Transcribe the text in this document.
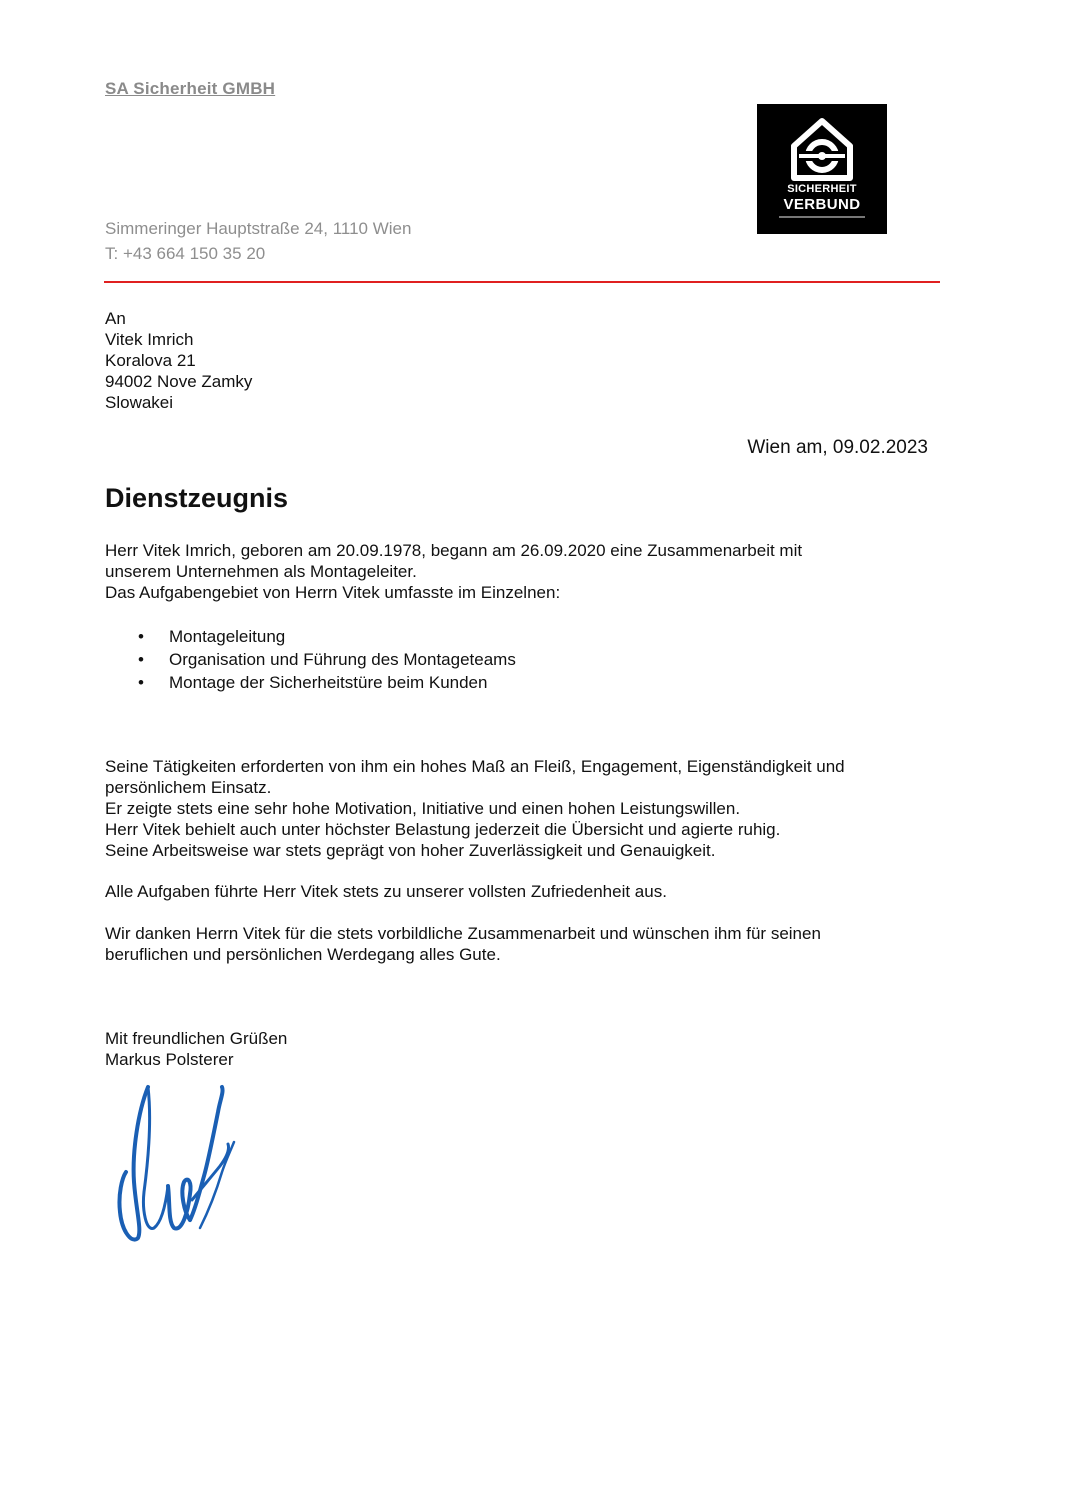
SA Sicherheit GMBH
Simmeringer Hauptstraße 24, 1110 Wien
T: +43 664 150 35 20
SICHERHEIT
VERBUND
An
Vitek Imrich
Koralova 21
94002 Nove Zamky
Slowakei
Wien am, 09.02.2023
Dienstzeugnis
Herr Vitek Imrich, geboren am 20.09.1978, begann am 26.09.2020 eine Zusammenarbeit mit
unserem Unternehmen als Montageleiter.
Das Aufgabengebiet von Herrn Vitek umfasste im Einzelnen:
• Montageleitung
• Organisation und Führung des Montageteams
• Montage der Sicherheitstüre beim Kunden
Seine Tätigkeiten erforderten von ihm ein hohes Maß an Fleiß, Engagement, Eigenständigkeit und
persönlichem Einsatz.
Er zeigte stets eine sehr hohe Motivation, Initiative und einen hohen Leistungswillen.
Herr Vitek behielt auch unter höchster Belastung jederzeit die Übersicht und agierte ruhig.
Seine Arbeitsweise war stets geprägt von hoher Zuverlässigkeit und Genauigkeit.
Alle Aufgaben führte Herr Vitek stets zu unserer vollsten Zufriedenheit aus.
Wir danken Herrn Vitek für die stets vorbildliche Zusammenarbeit und wünschen ihm für seinen
beruflichen und persönlichen Werdegang alles Gute.
Mit freundlichen Grüßen
Markus Polsterer
